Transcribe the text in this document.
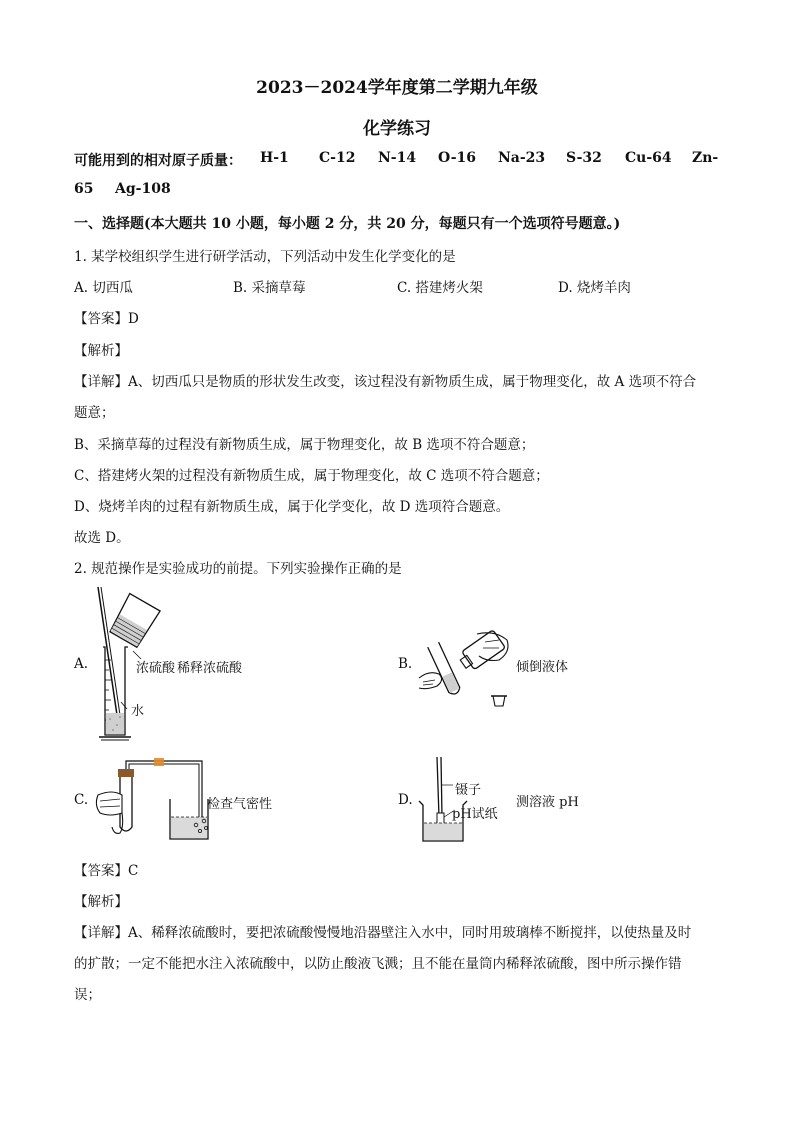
2023－2024学年度第二学期九年级
化学练习
可能用到的相对原子质量： H-1 C-12 N-14 O-16 Na-23 S-32 Cu-64 Zn-
65 Ag-108
一、选择题(本大题共 10 小题，每小题 2 分，共 20 分，每题只有一个选项符号题意。)
1. 某学校组织学生进行研学活动，下列活动中发生化学变化的是
A. 切西瓜	B. 采摘草莓	C. 搭建烤火架	D. 烧烤羊肉
【答案】D
【解析】
【详解】A、切西瓜只是物质的形状发生改变，该过程没有新物质生成，属于物理变化，故 A 选项不符合
题意；
B、采摘草莓的过程没有新物质生成，属于物理变化，故 B 选项不符合题意；
C、搭建烤火架的过程没有新物质生成，属于物理变化，故 C 选项不符合题意；
D、烧烤羊肉的过程有新物质生成，属于化学变化，故 D 选项符合题意。
故选 D。
2. 规范操作是实验成功的前提。下列实验操作正确的是
A.	浓硫酸 稀释浓硫酸
水
B.	倾倒液体
C.	检查气密性	D.
镊子
pH试纸
测溶液 pH
【答案】C
【解析】
【详解】A、稀释浓硫酸时，要把浓硫酸慢慢地沿器壁注入水中，同时用玻璃棒不断搅拌，以使热量及时
的扩散；一定不能把水注入浓硫酸中，以防止酸液飞溅；且不能在量筒内稀释浓硫酸，图中所示操作错
误；
